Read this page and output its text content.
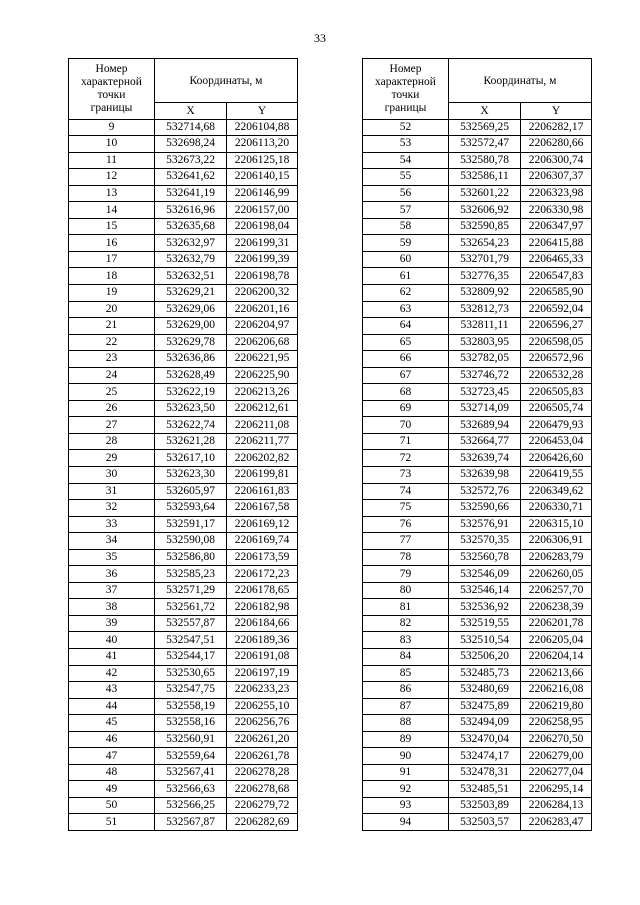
33
Номер
характерной
точки
границы	Координаты, м	
	X	Y
9	532714,68	2206104,88
10	532698,24	2206113,20
11	532673,22	2206125,18
12	532641,62	2206140,15
13	532641,19	2206146,99
14	532616,96	2206157,00
15	532635,68	2206198,04
16	532632,97	2206199,31
17	532632,79	2206199,39
18	532632,51	2206198,78
19	532629,21	2206200,32
20	532629,06	2206201,16
21	532629,00	2206204,97
22	532629,78	2206206,68
23	532636,86	2206221,95
24	532628,49	2206225,90
25	532622,19	2206213,26
26	532623,50	2206212,61
27	532622,74	2206211,08
28	532621,28	2206211,77
29	532617,10	2206202,82
30	532623,30	2206199,81
31	532605,97	2206161,83
32	532593,64	2206167,58
33	532591,17	2206169,12
34	532590,08	2206169,74
35	532586,80	2206173,59
36	532585,23	2206172,23
37	532571,29	2206178,65
38	532561,72	2206182,98
39	532557,87	2206184,66
40	532547,51	2206189,36
41	532544,17	2206191,08
42	532530,65	2206197,19
43	532547,75	2206233,23
44	532558,19	2206255,10
45	532558,16	2206256,76
46	532560,91	2206261,20
47	532559,64	2206261,78
48	532567,41	2206278,28
49	532566,63	2206278,68
50	532566,25	2206279,72
51	532567,87	2206282,69
Номер
характерной
точки
границы	Координаты, м	
	X	Y
52	532569,25	2206282,17
53	532572,47	2206280,66
54	532580,78	2206300,74
55	532586,11	2206307,37
56	532601,22	2206323,98
57	532606,92	2206330,98
58	532590,85	2206347,97
59	532654,23	2206415,88
60	532701,79	2206465,33
61	532776,35	2206547,83
62	532809,92	2206585,90
63	532812,73	2206592,04
64	532811,11	2206596,27
65	532803,95	2206598,05
66	532782,05	2206572,96
67	532746,72	2206532,28
68	532723,45	2206505,83
69	532714,09	2206505,74
70	532689,94	2206479,93
71	532664,77	2206453,04
72	532639,74	2206426,60
73	532639,98	2206419,55
74	532572,76	2206349,62
75	532590,66	2206330,71
76	532576,91	2206315,10
77	532570,35	2206306,91
78	532560,78	2206283,79
79	532546,09	2206260,05
80	532546,14	2206257,70
81	532536,92	2206238,39
82	532519,55	2206201,78
83	532510,54	2206205,04
84	532506,20	2206204,14
85	532485,73	2206213,66
86	532480,69	2206216,08
87	532475,89	2206219,80
88	532494,09	2206258,95
89	532470,04	2206270,50
90	532474,17	2206279,00
91	532478,31	2206277,04
92	532485,51	2206295,14
93	532503,89	2206284,13
94	532503,57	2206283,47
